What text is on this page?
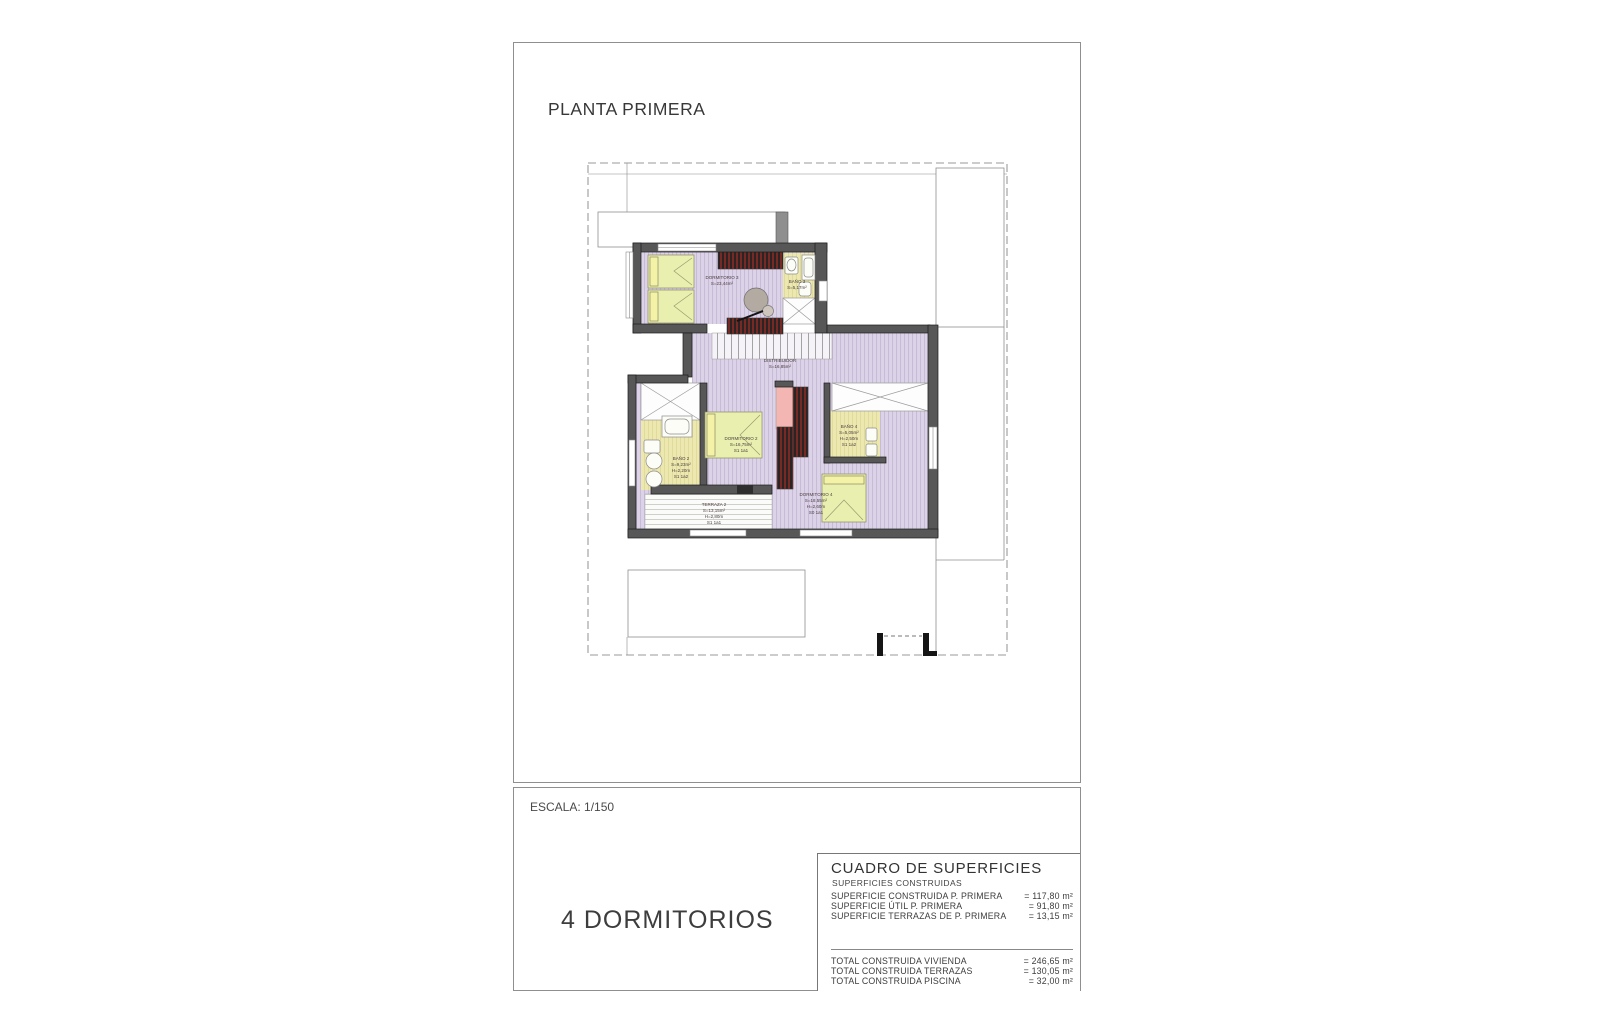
PLANTA PRIMERA
ESCALA: 1/150
4 DORMITORIOS
DORMITORIO 3
S=23,44m²	BAÑO 3
S=5,17m²
DISTRIBUIDOR
S=16,85m²
BAÑO 2
S=9,23m²
H=2,20m
S1 1a2
DORMITORIO 2
S=16,75m²
S1 1a1
BAÑO 4
S=5,05m²
H=2,50m
S1 1a2
DORMITORIO 4
S=18,55m²
H=2,60m
S0 1a1
TERRAZA 2
S=13,15m²
H=2,80m
S1 1a1
CUADRO DE SUPERFICIES
SUPERFICIES CONSTRUIDAS
SUPERFICIE CONSTRUIDA P. PRIMERA = 117,80 m²
SUPERFICIE ÚTIL P. PRIMERA	= 91,80 m²
SUPERFICIE TERRAZAS DE P. PRIMERA	= 13,15 m²
TOTAL CONSTRUIDA VIVIENDA	= 246,65 m²
TOTAL CONSTRUIDA TERRAZAS	= 130,05 m²
TOTAL CONSTRUIDA PISCINA	= 32,00 m²
